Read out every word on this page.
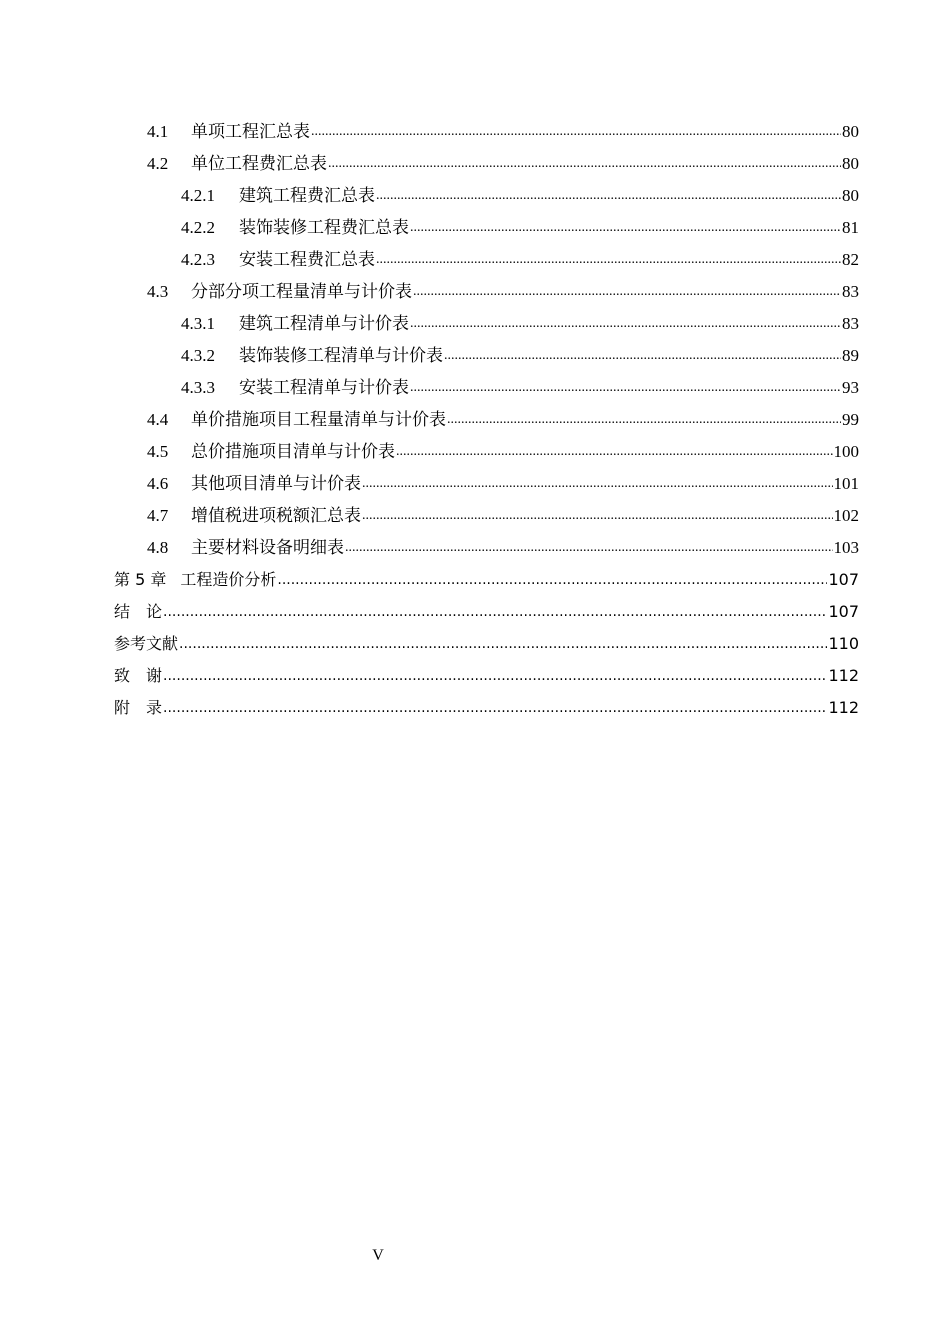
4.1	单项工程汇总表 .....	80
4.2	单位工程费汇总表 .....	80
4.2.1	建筑工程费汇总表 .....	80
4.2.2	装饰装修工程费汇总表 .....	81
4.2.3	安装工程费汇总表 .....	82
4.3	分部分项工程量清单与计价表 .....	83
4.3.1	建筑工程清单与计价表 .....	83
4.3.2	装饰装修工程清单与计价表 .....	89
4.3.3	安装工程清单与计价表 .....	93
4.4	单价措施项目工程量清单与计价表 .....	99
4.5	总价措施项目清单与计价表 .....	100
4.6	其他项目清单与计价表 .....	101
4.7	增值税进项税额汇总表 .....	102
4.8	主要材料设备明细表 .....	103
第 5 章 工程造价分析 .....	107
结　论 .....	107
参考文献 .....	110
致　谢 .....	112
附　录 .....	112
V
